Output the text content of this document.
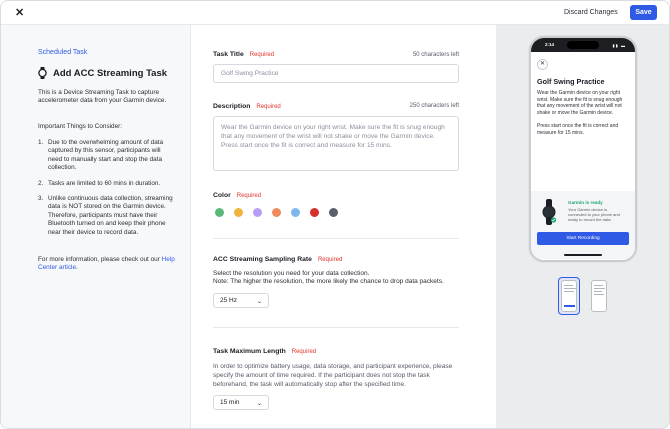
✕	Discard Changes	Save
Scheduled Task
Add ACC Streaming Task
This is a Device Streaming Task to capture accelerometer data from your Garmin device.
Important Things to Consider:
1. Due to the overwhelming amount of data captured by this sensor, participants will need to manually start and stop the data collection.
2. Tasks are limited to 60 mins in duration.
3. Unlike continuous data collection, streaming data is NOT stored on the Garmin device. Therefore, participants must have their Bluetooth turned on and keep their phone near their device to record data.
For more information, please check out our Help Center article.
Task Title Required	50 characters left
Golf Swing Practice
Description Required	250 characters left
Wear the Garmin device on your right wrist. Make sure the fit is snug enough that any movement of the wrist will not shake or move the Garmin device. Press start once the fit is correct and measure for 15 mins.
Color Required
ACC Streaming Sampling Rate Required
Select the resolution you need for your data collection.
Note: The higher the resolution, the more likely the chance to drop data packets.
25 Hz	⌄
Task Maximum Length Required
In order to optimize battery usage, data storage, and participant experience, please specify the amount of time required. If the participant does not stop the task beforehand, the task will automatically stop after the specified time.
15 min	⌄
2:14	▮▮ ▬
✕
Golf Swing Practice
Wear the Garmin device on your right wrist. Make sure the fit is snug enough that any movement of the wrist will not shake or move the Garmin device.
Press start once the fit is correct and measure for 15 mins.
Garmin is ready
Your Garmin device is connected to your phone and ready to record the data.
Start Recording
